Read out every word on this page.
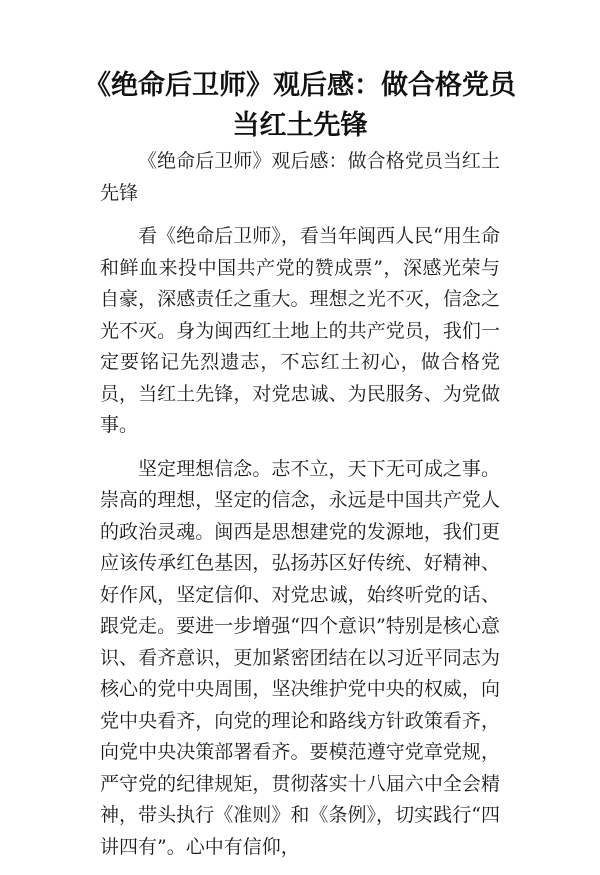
《绝命后卫师》观后感：做合格党员
当红土先锋

《绝命后卫师》观后感：做合格党员当红土先锋

看《绝命后卫师》，看当年闽西人民“用生命和鲜血来投中国共产党的赞成票”，深感光荣与自豪，深感责任之重大。理想之光不灭，信念之光不灭。身为闽西红土地上的共产党员，我们一定要铭记先烈遗志，不忘红土初心，做合格党员，当红土先锋，对党忠诚、为民服务、为党做事。

坚定理想信念。志不立，天下无可成之事。崇高的理想，坚定的信念，永远是中国共产党人的政治灵魂。闽西是思想建党的发源地，我们更应该传承红色基因，弘扬苏区好传统、好精神、好作风，坚定信仰、对党忠诚，始终听党的话、跟党走。要进一步增强“四个意识”特别是核心意识、看齐意识，更加紧密团结在以习近平同志为核心的党中央周围，坚决维护党中央的权威，向党中央看齐，向党的理论和路线方针政策看齐，向党中央决策部署看齐。要模范遵守党章党规，严守党的纪律规矩，贯彻落实十八届六中全会精神，带头执行《准则》和《条例》，切实践行“四讲四有”。心中有信仰，
